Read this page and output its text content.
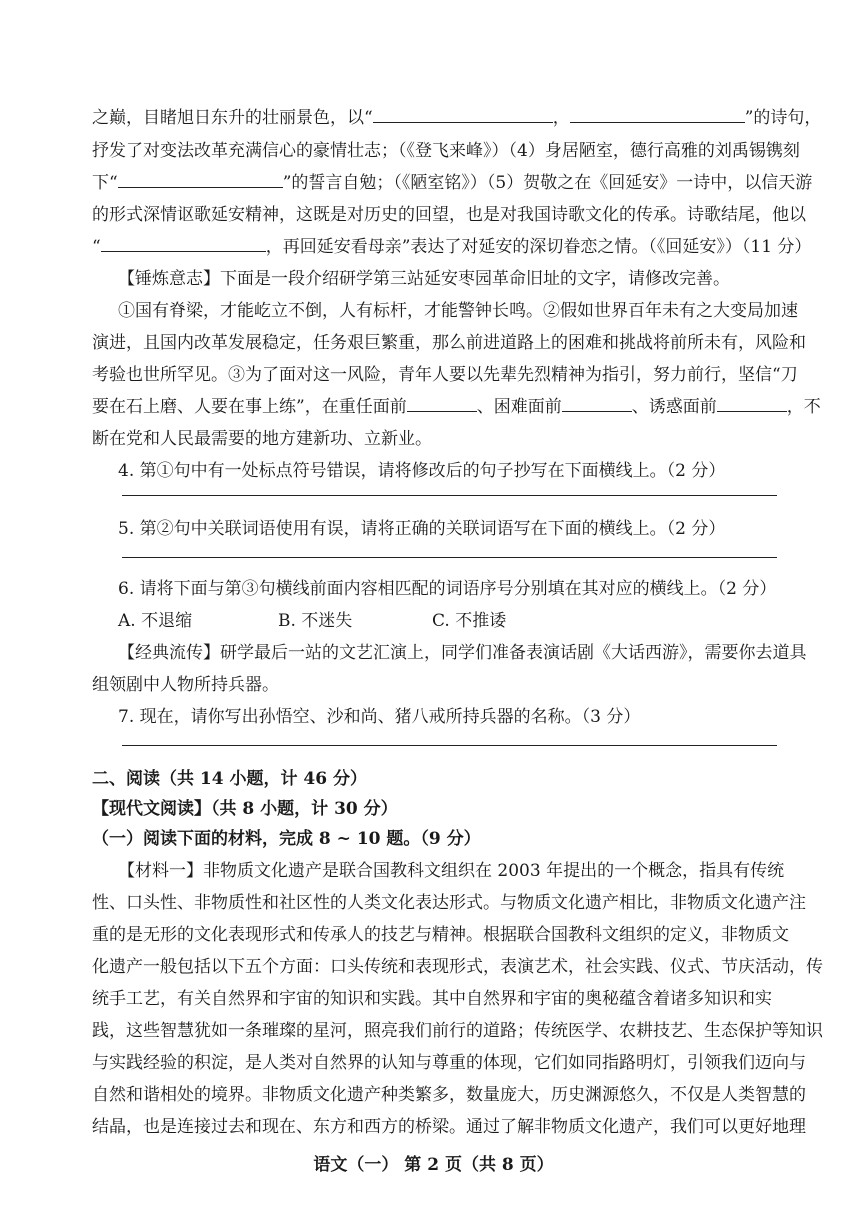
之巅，目睹旭日东升的壮丽景色，以“	，	”的诗句，
抒发了对变法改革充满信心的豪情壮志；（《登飞来峰》）（4）身居陋室，德行高雅的刘禹锡镌刻
下“	”的誓言自勉；（《陋室铭》）（5）贺敬之在《回延安》一诗中，以信天游
的形式深情讴歌延安精神，这既是对历史的回望，也是对我国诗歌文化的传承。诗歌结尾，他以
“	，再回延安看母亲”表达了对延安的深切眷恋之情。（《回延安》）（11 分）
【锤炼意志】下面是一段介绍研学第三站延安枣园革命旧址的文字，请修改完善。
①国有脊梁，才能屹立不倒，人有标杆，才能警钟长鸣。②假如世界百年未有之大变局加速
演进，且国内改革发展稳定，任务艰巨繁重，那么前进道路上的困难和挑战将前所未有，风险和
考验也世所罕见。③为了面对这一风险，青年人要以先辈先烈精神为指引，努力前行，坚信“刀
要在石上磨、人要在事上练”，在重任面前	、困难面前	、诱惑面前	，不
断在党和人民最需要的地方建新功、立新业。
4. 第①句中有一处标点符号错误，请将修改后的句子抄写在下面横线上。（2 分）
5. 第②句中关联词语使用有误，请将正确的关联词语写在下面的横线上。（2 分）
6. 请将下面与第③句横线前面内容相匹配的词语序号分别填在其对应的横线上。（2 分）
A. 不退缩	B. 不迷失	C. 不推诿
【经典流传】研学最后一站的文艺汇演上，同学们准备表演话剧《大话西游》，需要你去道具
组领剧中人物所持兵器。
7. 现在，请你写出孙悟空、沙和尚、猪八戒所持兵器的名称。（3 分）
二、阅读（共 14 小题，计 46 分）
【现代文阅读】（共 8 小题，计 30 分）
（一）阅读下面的材料，完成 8 ~ 10 题。（9 分）
【材料一】非物质文化遗产是联合国教科文组织在 2003 年提出的一个概念，指具有传统
性、口头性、非物质性和社区性的人类文化表达形式。与物质文化遗产相比，非物质文化遗产注
重的是无形的文化表现形式和传承人的技艺与精神。根据联合国教科文组织的定义，非物质文
化遗产一般包括以下五个方面：口头传统和表现形式，表演艺术，社会实践、仪式、节庆活动，传
统手工艺，有关自然界和宇宙的知识和实践。其中自然界和宇宙的奥秘蕴含着诸多知识和实
践，这些智慧犹如一条璀璨的星河，照亮我们前行的道路；传统医学、农耕技艺、生态保护等知识
与实践经验的积淀，是人类对自然界的认知与尊重的体现，它们如同指路明灯，引领我们迈向与
自然和谐相处的境界。非物质文化遗产种类繁多，数量庞大，历史渊源悠久，不仅是人类智慧的
结晶，也是连接过去和现在、东方和西方的桥梁。通过了解非物质文化遗产，我们可以更好地理
语文（一） 第 2 页（共 8 页）
